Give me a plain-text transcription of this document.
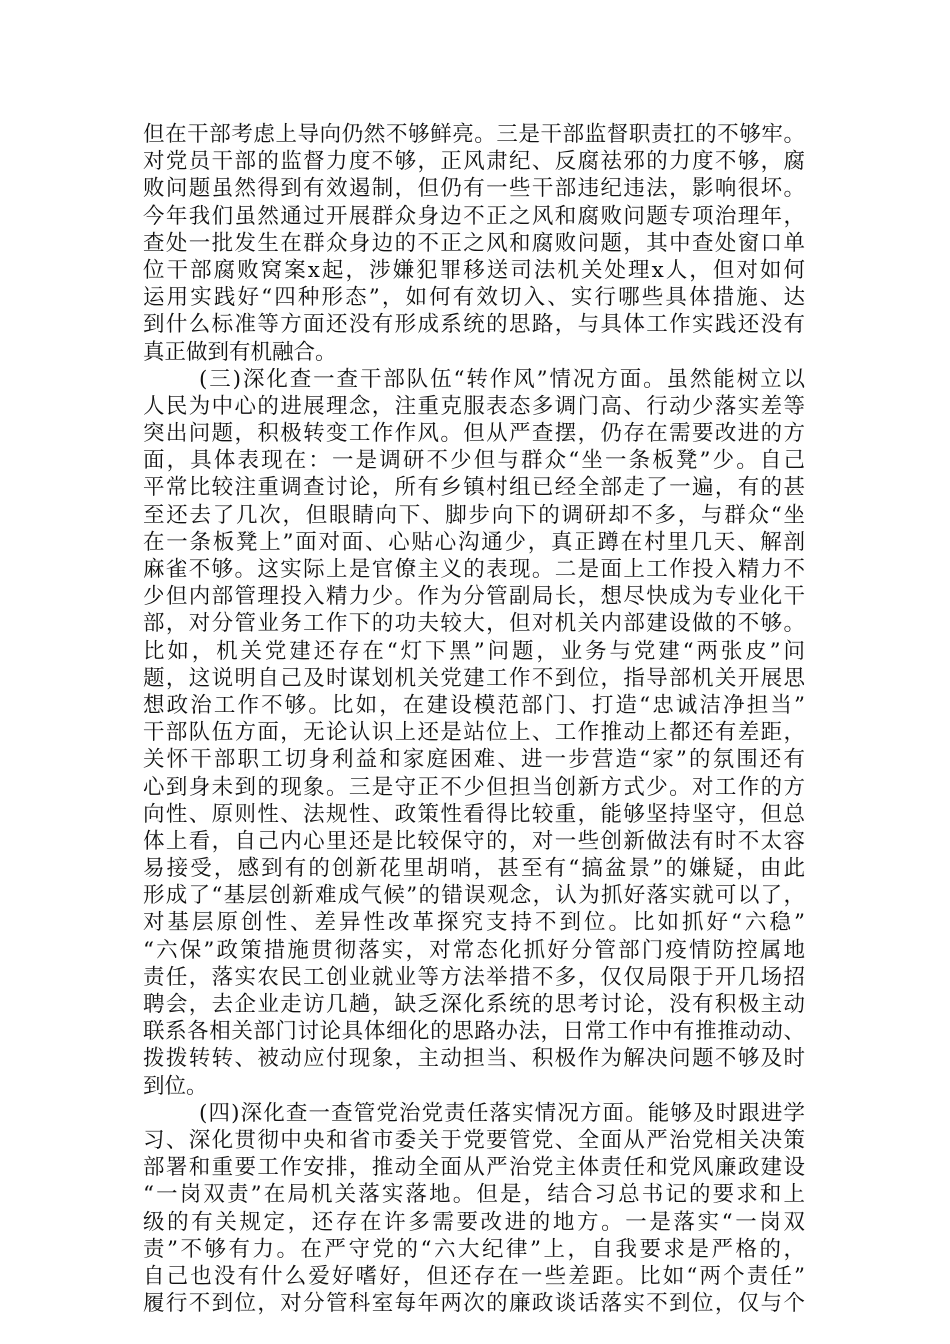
但在干部考虑上导向仍然不够鲜亮。三是干部监督职责扛的不够牢。
对党员干部的监督力度不够，正风肃纪、反腐祛邪的力度不够，腐
败问题虽然得到有效遏制，但仍有一些干部违纪违法，影响很坏。
今年我们虽然通过开展群众身边不正之风和腐败问题专项治理年，
查处一批发生在群众身边的不正之风和腐败问题，其中查处窗口单
位干部腐败窝案x起，涉嫌犯罪移送司法机关处理x人，但对如何
运用实践好“四种形态”，如何有效切入、实行哪些具体措施、达
到什么标准等方面还没有形成系统的思路，与具体工作实践还没有
真正做到有机融合。
(三)深化查一查干部队伍“转作风”情况方面。虽然能树立以
人民为中心的进展理念，注重克服表态多调门高、行动少落实差等
突出问题，积极转变工作作风。但从严查摆，仍存在需要改进的方
面，具体表现在：一是调研不少但与群众“坐一条板凳”少。自己
平常比较注重调查讨论，所有乡镇村组已经全部走了一遍，有的甚
至还去了几次，但眼睛向下、脚步向下的调研却不多，与群众“坐
在一条板凳上”面对面、心贴心沟通少，真正蹲在村里几天、解剖
麻雀不够。这实际上是官僚主义的表现。二是面上工作投入精力不
少但内部管理投入精力少。作为分管副局长，想尽快成为专业化干
部，对分管业务工作下的功夫较大，但对机关内部建设做的不够。
比如，机关党建还存在“灯下黑”问题，业务与党建“两张皮”问
题，这说明自己及时谋划机关党建工作不到位，指导部机关开展思
想政治工作不够。比如，在建设模范部门、打造“忠诚洁净担当”
干部队伍方面，无论认识上还是站位上、工作推动上都还有差距，
关怀干部职工切身利益和家庭困难、进一步营造“家”的氛围还有
心到身未到的现象。三是守正不少但担当创新方式少。对工作的方
向性、原则性、法规性、政策性看得比较重，能够坚持坚守，但总
体上看，自己内心里还是比较保守的，对一些创新做法有时不太容
易接受，感到有的创新花里胡哨，甚至有“搞盆景”的嫌疑，由此
形成了“基层创新难成气候”的错误观念，认为抓好落实就可以了，
对基层原创性、差异性改革探究支持不到位。比如抓好“六稳”
“六保”政策措施贯彻落实，对常态化抓好分管部门疫情防控属地
责任，落实农民工创业就业等方法举措不多，仅仅局限于开几场招
聘会，去企业走访几趟，缺乏深化系统的思考讨论，没有积极主动
联系各相关部门讨论具体细化的思路办法，日常工作中有推推动动、
拨拨转转、被动应付现象，主动担当、积极作为解决问题不够及时
到位。
(四)深化查一查管党治党责任落实情况方面。能够及时跟进学
习、深化贯彻中央和省市委关于党要管党、全面从严治党相关决策
部署和重要工作安排，推动全面从严治党主体责任和党风廉政建设
“一岗双责”在局机关落实落地。但是，结合习总书记的要求和上
级的有关规定，还存在许多需要改进的地方。一是落实“一岗双
责”不够有力。在严守党的“六大纪律”上，自我要求是严格的，
自己也没有什么爱好嗜好，但还存在一些差距。比如“两个责任”
履行不到位，对分管科室每年两次的廉政谈话落实不到位，仅与个
